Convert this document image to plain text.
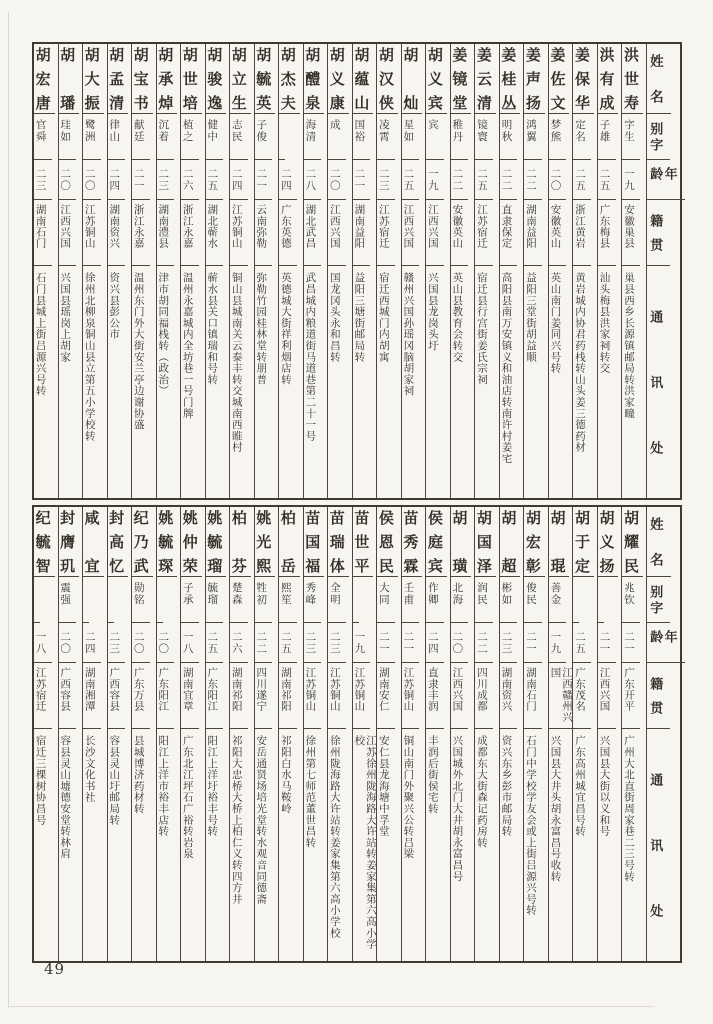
姓名
别字
年龄
籍贯
通讯处
洪世寿
字生
一九
安徽巢县
巢县西乡长源镇邮局转洪家疃
洪有成
子雄
二五
广东梅县
汕头梅县洪家祠转交
姜保华
定名
二五
浙江黄岩
黄岩城内协君药栈转山头姜三德药材
姜佐文
梦熊
二〇
安徽英山
英山南门姜同兴号转
姜声扬
鸿翼
二二
湖南益阳
益阳三堂街胡益顺
姜桂丛
明秋
二二
直隶保定
高阳县南万安镇义和油店转南许村姜宅
姜云清
镜寰
二五
江苏宿迁
宿迁县行宫街姜氏宗祠
姜镜堂
稚丹
二二
安徽英山
英山县教育会转交
胡义宾
宾
一九
江西兴国
兴国县龙岗头圩
胡灿
星如
二五
江西兴国
赣州兴国孙瑶冈脑胡家祠
胡汉侠
凌霄
二三
江苏宿迁
宿迁西城门内胡寓
胡蕴山
国裕
二一
湖南益阳
益阳三塘街邮局转
胡义康
成
二〇
江西兴国
国龙冈头永和昌转
胡醴泉
海清
二八
湖北武昌
武昌城内粮道街马道巷第二十一号
胡杰夫
二四
广东英德
英德城大街祥利烟店转
胡毓英
子俊
二一
云南弥勒
弥勒竹园桂林堂转朋普
胡立生
志民
二四
江苏铜山
铜山县城南关云泰丰转交城南西睢村
胡骏逸
健中
二五
湖北蕲水
蕲水县关口镇瑞和号转
胡世培
植之
二六
浙江永嘉
温州永嘉城内全坊巷一号门牌
胡承焯
沉着
二三
湖南澧县
津市胡同福栈转（政治）
胡宝书
献廷
二一
浙江永嘉
温州东门外大街安兰亭边谢协盛
胡孟清
律山
二四
湖南资兴
资兴县彭公市
胡大振
鹭洲
二〇
江苏铜山
徐州北柳泉铜山县立第五小学校转
胡璠
珪如
二〇
江西兴国
兴国县瑶岗上胡家
胡宏唐
官舜
二三
湖南石门
石门县城上街吕源兴号转
姓名
别字
年龄
籍贯
通讯处
胡耀民
兆钦
二一
广东开平
广州大北直街周家巷二三号转
胡义扬
二一
江西兴国
兴国县大街以义和号
胡于定
二五
广东茂名
广东高州城宜昌号转
胡琨
善金
一九
江西赣州兴国
兴国县大井头胡永富昌号收转
胡宏彰
俊民
二一
湖南石门
石门中学校学友会或上街吕源兴号转
胡超
彬如
二三
湖南资兴
资兴东乡彭市邮局转
胡国泽
润民
二二
四川成都
成都东大街森记药房转
胡璜
北海
二〇
江西兴国
兴国城外北门大井胡永富昌号
侯庭宾
作卿
二四
直隶丰润
丰润后街侯宅转
苗秀霖
壬甫
二一
江苏铜山
铜山南门外聚兴公转吕梁
侯恩民
大同
二一
湖南安仁
安仁县龙海塘中孚堂
苗世平
一九
江苏铜山
江苏徐州陇海路大许站转姜家集第六高小学校
苗瑞体
全明
二三
江苏铜山
徐州陇海路大许站转姜家集第六高小学校
苗国福
秀峰
二三
江苏铜山
徐州第七师范董世昌转
柏岳
熙笙
二五
湖南祁阳
祁阳白水马鞍岭
姚光熙
牲初
二二
四川遂宁
安岳通贤场培光堂转水观音同德斋
柏芬
楚森
二六
湖南祁阳
祁阳大忠桥大桥上柏仁义转四方井
姚毓瑠
毓瑠
二五
广东阳江
阳江上洋圩裕丰号转
姚仲荣
子承
一八
湖南宜章
广东北江坪石广裕转岩泉
姚毓琛
二〇
广东阳江
阳江上洋市裕丰店转
纪乃武
勋铭
二〇
广东万县
县城博济药材转
封高忆
二三
广西容县
容县灵山圩邮局转
咸宜
二四
湖南湘潭
长沙文化书社
封膺玑
震强
二〇
广西容县
容县灵山墟德安堂转林肩
纪毓智
一八
江苏宿迁
宿迁三棵树协昌号
49
